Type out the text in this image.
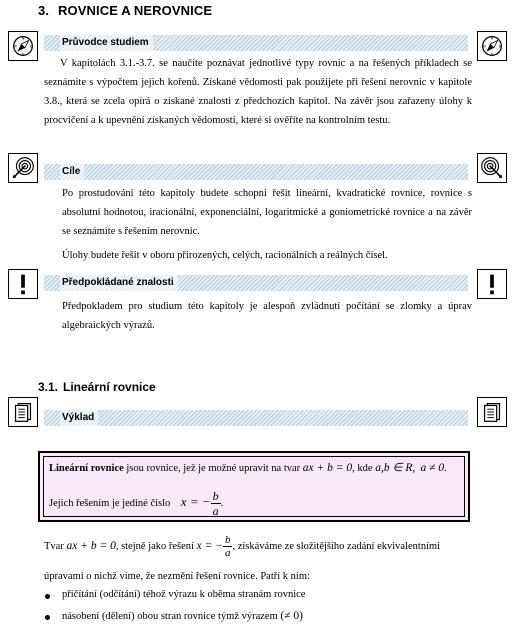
3. ROVNICE A NEROVNICE
N
E
W
S
N
E
W
S
Průvodce studiem
V kapitolách 3.1.-3.7. se naučíte poznávat jednotlivé typy rovnic a na řešených příkladech se seznámíte s výpočtem jejich kořenů. Získané vědomosti pak použijete při řešení nerovnic v kapitole 3.8., která se zcela opírá o získané znalosti z předchozích kapitol. Na závěr jsou zařazeny úlohy k procvičení a k upevnění získaných vědomostí, které si ověříte na kontrolním testu.
Cíle
Po prostudování této kapitoly budete schopni řešit lineární, kvadratické rovnice, rovnice s absolutní hodnotou, iracionální, exponenciální, logaritmické a goniometrické rovnice a na závěr se seznámíte s řešením nerovnic.
Úlohy budete řešit v oboru přirozených, celých, racionálních a reálných čísel.
Předpokládané znalosti
Předpokladem pro studium této kapitoly je alespoň zvládnutí počítání se zlomky a úprav algebraických výrazů.
3.1. Lineární rovnice
Výklad
Lineární rovnice jsou rovnice, jež je možné upravit na tvar ax + b = 0, kde a,b ∈ R, a ≠ 0.
Jejich řešením je jediné číslo x = − $\frac{b}{a}$ .
Tvar ax + b = 0, stejně jako řešení x = − $\frac{b}{a}$ , získáváme ze složitějšího zadání ekvivalentními
úpravami o nichž víme, že nezmění řešení rovnice. Patří k nim:
přičítání (odčítání) téhož výrazu k oběma stranám rovnice
násobení (dělení) obou stran rovnice týmž výrazem (≠ 0)
